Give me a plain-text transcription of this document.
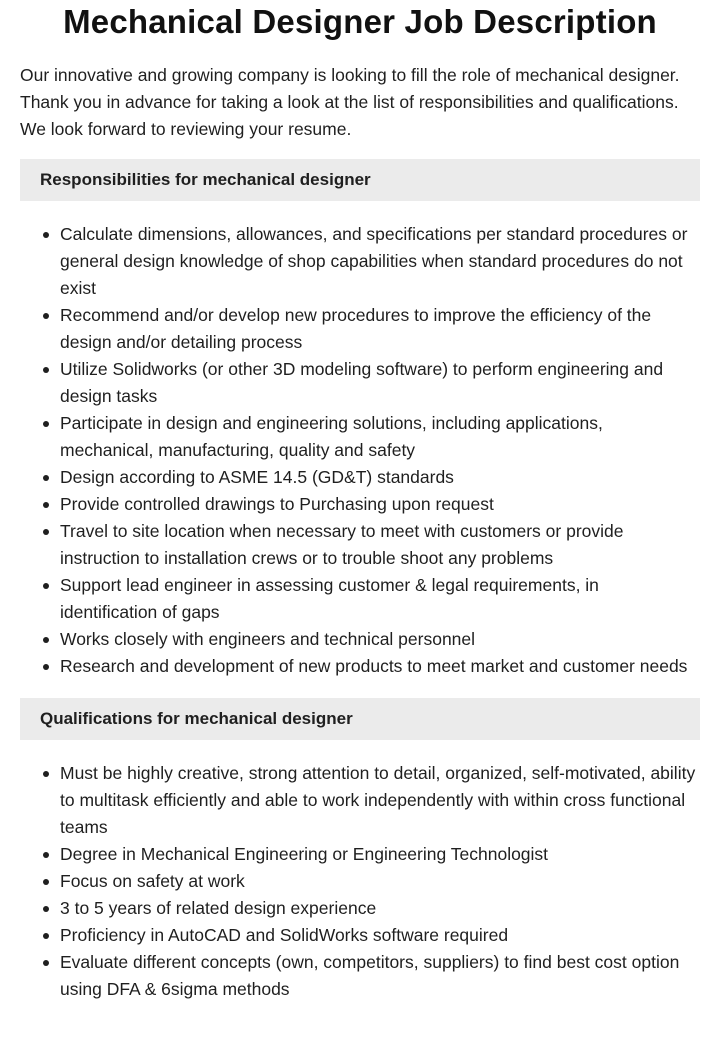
Mechanical Designer Job Description

Our innovative and growing company is looking to fill the role of mechanical designer. Thank you in advance for taking a look at the list of responsibilities and qualifications. We look forward to reviewing your resume.

Responsibilities for mechanical designer
Calculate dimensions, allowances, and specifications per standard procedures or general design knowledge of shop capabilities when standard procedures do not exist
Recommend and/or develop new procedures to improve the efficiency of the design and/or detailing process
Utilize Solidworks (or other 3D modeling software) to perform engineering and design tasks
Participate in design and engineering solutions, including applications, mechanical, manufacturing, quality and safety
Design according to ASME 14.5 (GD&T) standards
Provide controlled drawings to Purchasing upon request
Travel to site location when necessary to meet with customers or provide instruction to installation crews or to trouble shoot any problems
Support lead engineer in assessing customer & legal requirements, in identification of gaps
Works closely with engineers and technical personnel
Research and development of new products to meet market and customer needs
Qualifications for mechanical designer
Must be highly creative, strong attention to detail, organized, self-motivated, ability to multitask efficiently and able to work independently with within cross functional teams
Degree in Mechanical Engineering or Engineering Technologist
Focus on safety at work
3 to 5 years of related design experience
Proficiency in AutoCAD and SolidWorks software required
Evaluate different concepts (own, competitors, suppliers) to find best cost option using DFA & 6sigma methods
